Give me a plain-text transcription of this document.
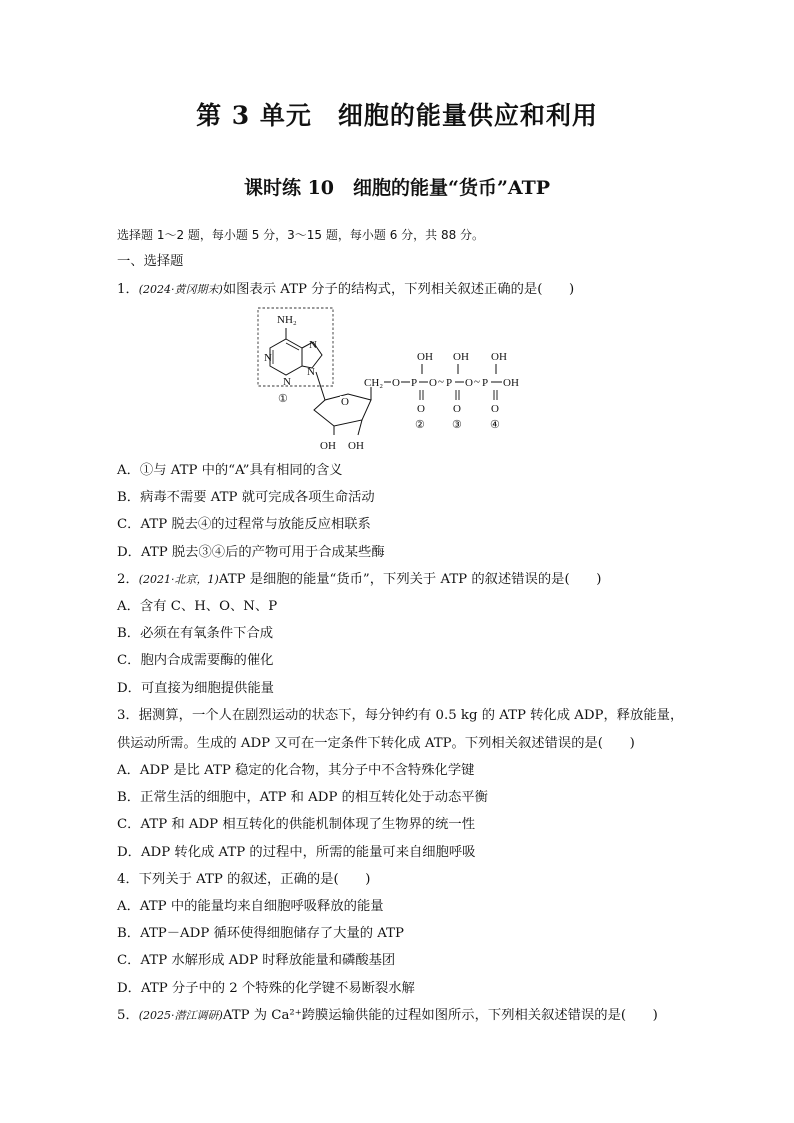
第 3 单元　细胞的能量供应和利用
课时练 10　细胞的能量“货币”ATP
选择题 1～2 题，每小题 5 分，3～15 题，每小题 6 分，共 88 分。
一、选择题
1．(2024·黄冈期末)如图表示 ATP 分子的结构式，下列相关叙述正确的是(　　)
NH₂
N
N
N
N
①	O
OH OH
CH₂ O P
OH
O
O ~ P
OH
O
O ~ P
OH
O
OH
② ③	④
A．①与 ATP 中的“A”具有相同的含义
B．病毒不需要 ATP 就可完成各项生命活动
C．ATP 脱去④的过程常与放能反应相联系
D．ATP 脱去③④后的产物可用于合成某些酶
2．(2021·北京，1)ATP 是细胞的能量“货币”，下列关于 ATP 的叙述错误的是(　　)
A．含有 C、H、O、N、P
B．必须在有氧条件下合成
C．胞内合成需要酶的催化
D．可直接为细胞提供能量
3．据测算，一个人在剧烈运动的状态下，每分钟约有 0.5 kg 的 ATP 转化成 ADP，释放能量，
供运动所需。生成的 ADP 又可在一定条件下转化成 ATP。下列相关叙述错误的是(　　)
A．ADP 是比 ATP 稳定的化合物，其分子中不含特殊化学键
B．正常生活的细胞中，ATP 和 ADP 的相互转化处于动态平衡
C．ATP 和 ADP 相互转化的供能机制体现了生物界的统一性
D．ADP 转化成 ATP 的过程中，所需的能量可来自细胞呼吸
4．下列关于 ATP 的叙述，正确的是(　　)
A．ATP 中的能量均来自细胞呼吸释放的能量
B．ATP－ADP 循环使得细胞储存了大量的 ATP
C．ATP 水解形成 ADP 时释放能量和磷酸基团
D．ATP 分子中的 2 个特殊的化学键不易断裂水解
5．(2025·潜江调研)ATP 为 Ca²⁺跨膜运输供能的过程如图所示，下列相关叙述错误的是(　　)
